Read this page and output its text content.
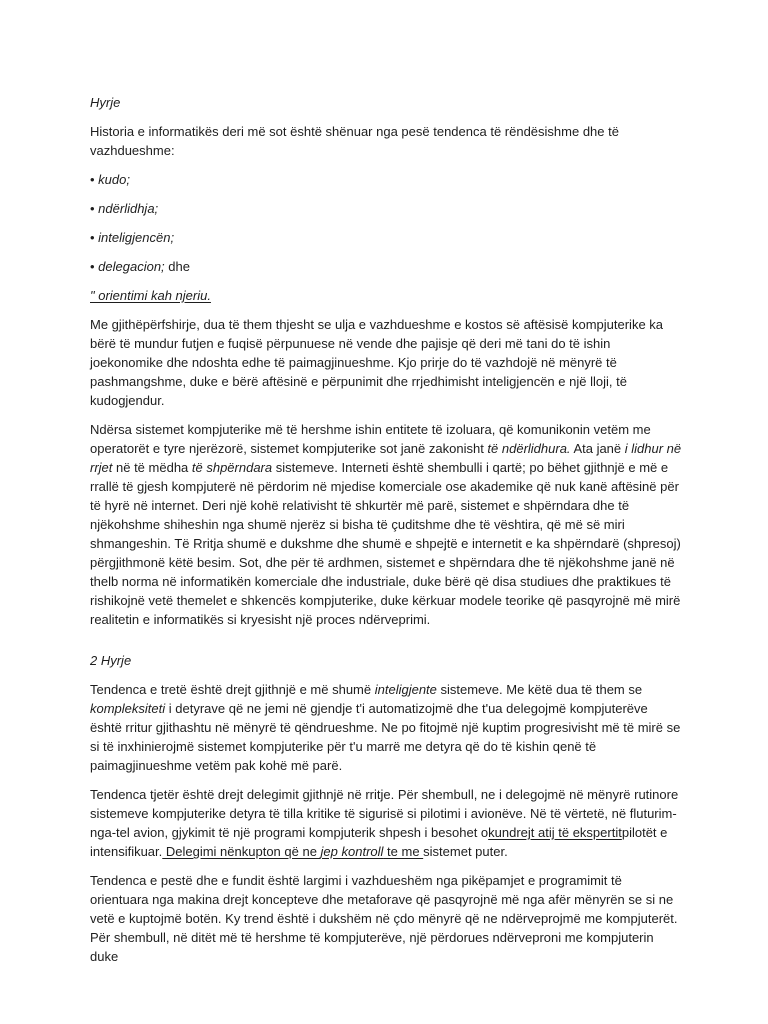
Hyrje

Historia e informatikës deri më sot është shënuar nga pesë tendenca të rëndësishme dhe të vazhdueshme:

• kudo;

• ndërlidhja;

• inteligjencën;

• delegacion; dhe

" orientimi kah njeriu.

Me gjithëpërfshirje, dua të them thjesht se ulja e vazhdueshme e kostos së aftësisë kompjuterike ka bërë të mundur futjen e fuqisë përpunuese në vende dhe pajisje që deri më tani do të ishin joekonomike dhe ndoshta edhe të paimagjinueshme. Kjo prirje do të vazhdojë në mënyrë të pashmangshme, duke e bërë aftësinë e përpunimit dhe rrjedhimisht inteligjencën e një lloji, të kudogjendur.

Ndërsa sistemet kompjuterike më të hershme ishin entitete të izoluara, që komunikonin vetëm me operatorët e tyre njerëzorë, sistemet kompjuterike sot janë zakonisht të ndërlidhura. Ata janë i lidhur në rrjet në të mëdha të shpërndara sistemeve. Interneti është shembulli i qartë; po bëhet gjithnjë e më e rrallë të gjesh kompjuterë në përdorim në mjedise komerciale ose akademike që nuk kanë aftësinë për të hyrë në internet. Deri një kohë relativisht të shkurtër më parë, sistemet e shpërndara dhe të njëkohshme shiheshin nga shumë njerëz si bisha të çuditshme dhe të vështira, që më së miri shmangeshin. Të Rritja shumë e dukshme dhe shumë e shpejtë e internetit e ka shpërndarë (shpresoj) përgjithmonë këtë besim. Sot, dhe për të ardhmen, sistemet e shpërndara dhe të njëkohshme janë në thelb norma në informatikën komerciale dhe industriale, duke bërë që disa studiues dhe praktikues të rishikojnë vetë themelet e shkencës kompjuterike, duke kërkuar modele teorike që pasqyrojnë më mirë realitetin e informatikës si kryesisht një proces ndërveprimi.

2 Hyrje

Tendenca e tretë është drejt gjithnjë e më shumë inteligjente sistemeve. Me këtë dua të them se kompleksiteti i detyrave që ne jemi në gjendje t'i automatizojmë dhe t'ua delegojmë kompjuterëve është rritur gjithashtu në mënyrë të qëndrueshme. Ne po fitojmë një kuptim progresivisht më të mirë se si të inxhinierojmë sistemet kompjuterike për t'u marrë me detyra që do të kishin qenë të paimagjinueshme vetëm pak kohë më parë.

Tendenca tjetër është drejt delegimit gjithnjë në rritje. Për shembull, ne i delegojmë në mënyrë rutinore sistemeve kompjuterike detyra të tilla kritike të sigurisë si pilotimi i avionëve. Në të vërtetë, në fluturim-nga-tel avion, gjykimit të një programi kompjuterik shpesh i besohet okundrejt atij të ekspertitpilotët e intensifikuar. Delegimi nënkupton që ne jep kontroll te me sistemet puter.

Tendenca e pestë dhe e fundit është largimi i vazhdueshëm nga pikëpamjet e programimit të orientuara nga makina drejt koncepteve dhe metaforave që pasqyrojnë më nga afër mënyrën se si ne vetë e kuptojmë botën. Ky trend është i dukshëm në çdo mënyrë që ne ndërveprojmë me kompjuterët. Për shembull, në ditët më të hershme të kompjuterëve, një përdorues ndërveproni me kompjuterin duke
